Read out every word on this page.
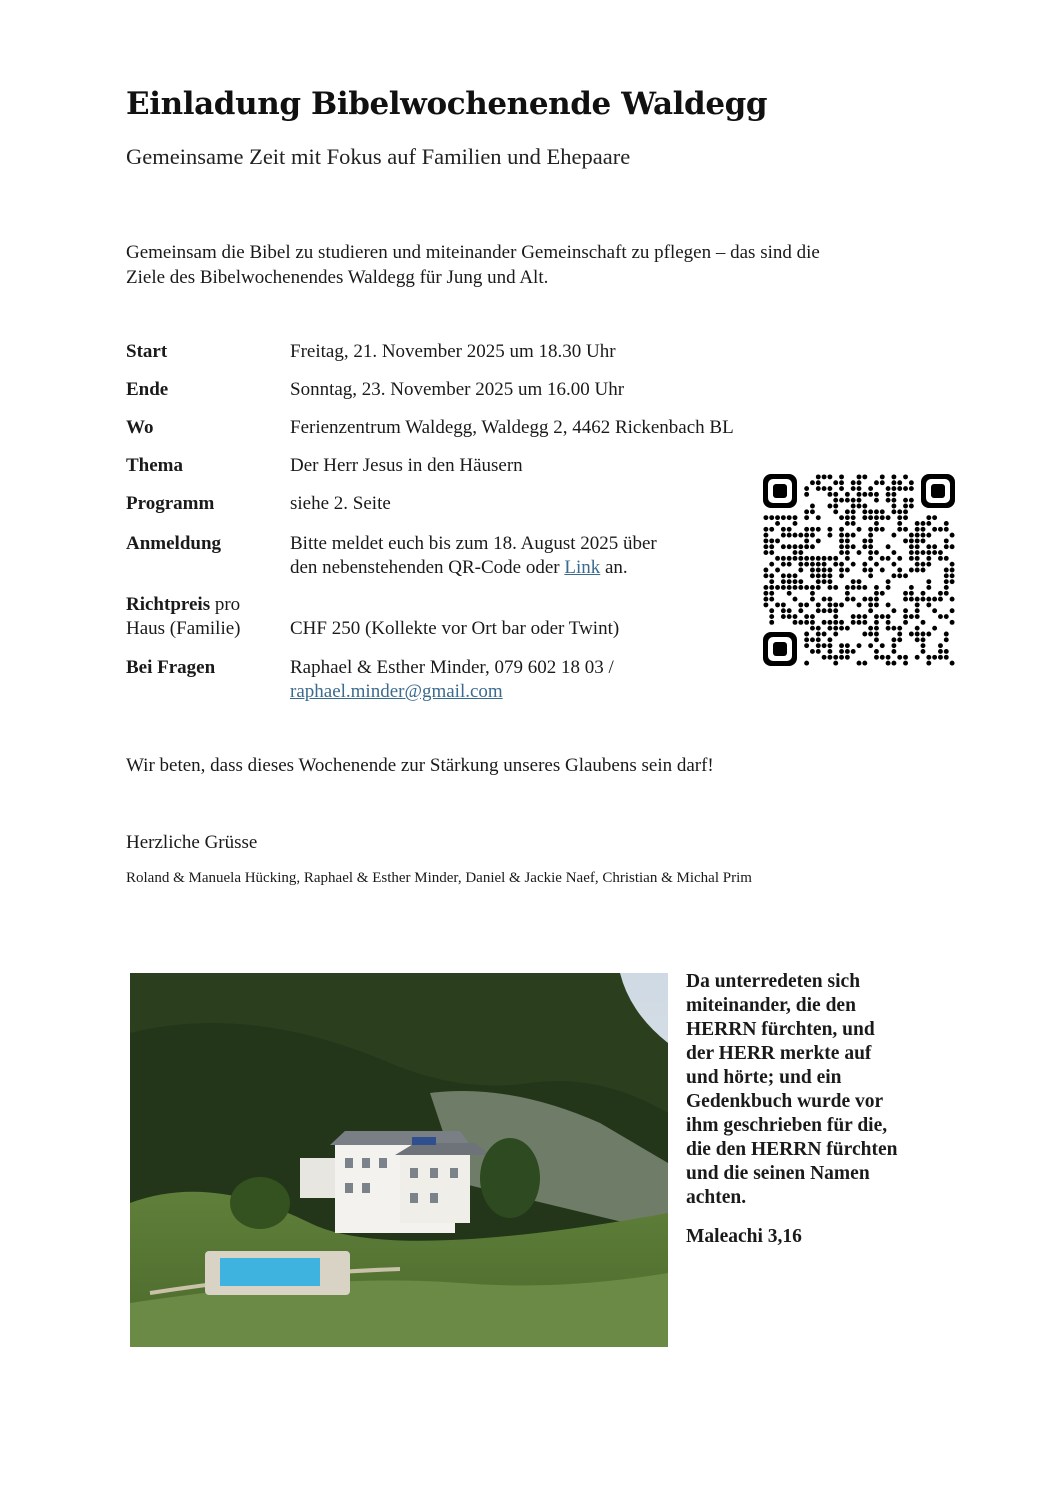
Einladung Bibelwochenende Waldegg
Gemeinsame Zeit mit Fokus auf Familien und Ehepaare
Gemeinsam die Bibel zu studieren und miteinander Gemeinschaft zu pflegen – das sind die
Ziele des Bibelwochenendes Waldegg für Jung und Alt.
Start	Freitag, 21. November 2025 um 18.30 Uhr
Ende	Sonntag, 23. November 2025 um 16.00 Uhr
Wo	Ferienzentrum Waldegg, Waldegg 2, 4462 Rickenbach BL
Thema	Der Herr Jesus in den Häusern
Programm	siehe 2. Seite
Anmeldung	Bitte meldet euch bis zum 18. August 2025 über
den nebenstehenden QR-Code oder Link an.
Richtpreis pro
Haus (Familie)	CHF 250 (Kollekte vor Ort bar oder Twint)
Bei Fragen	Raphael & Esther Minder, 079 602 18 03 /
raphael.minder@gmail.com
Wir beten, dass dieses Wochenende zur Stärkung unseres Glaubens sein darf!
Herzliche Grüsse
Roland & Manuela Hücking, Raphael & Esther Minder, Daniel & Jackie Naef, Christian & Michal Prim
Da unterredeten sich
miteinander, die den
HERRN fürchten, und
der HERR merkte auf
und hörte; und ein
Gedenkbuch wurde vor
ihm geschrieben für die,
die den HERRN fürchten
und die seinen Namen
achten.
Maleachi 3,16
